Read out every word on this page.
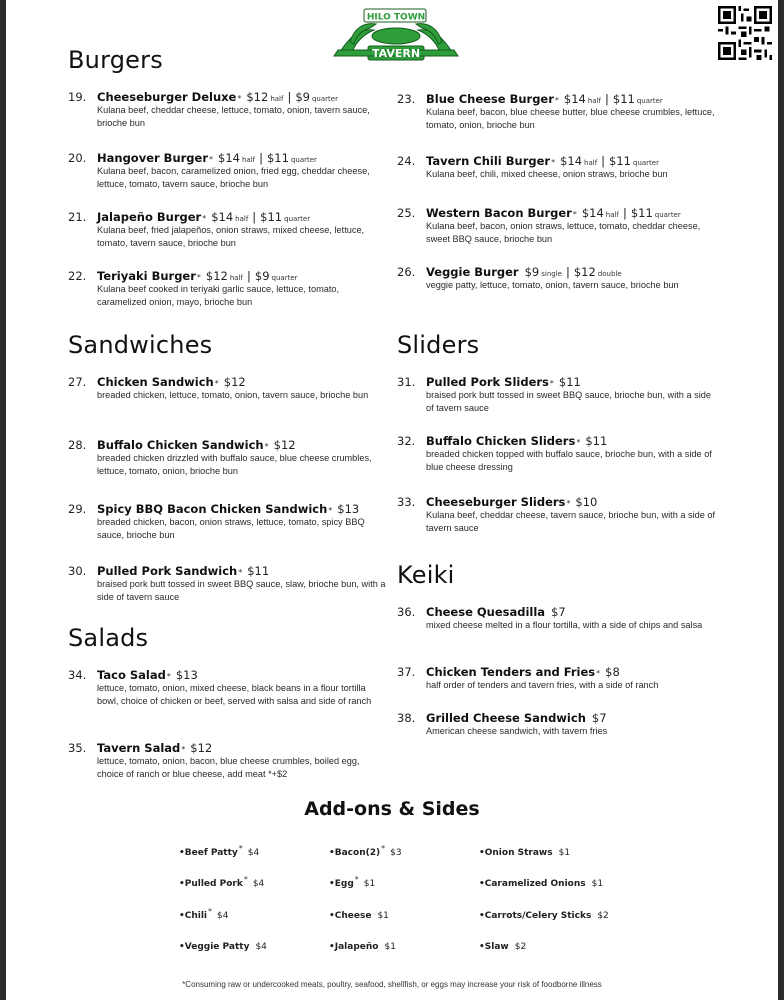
HILO TOWN
TAVERN
Burgers
Sandwiches
Salads
Sliders
Keiki
19. Cheeseburger Deluxe * $12 half | $9 quarter
Kulana beef, cheddar cheese, lettuce, tomato, onion, tavern sauce, brioche bun
20. Hangover Burger * $14 half | $11 quarter
Kulana beef, bacon, caramelized onion, fried egg, cheddar cheese, lettuce, tomato, tavern sauce, brioche bun
21. Jalapeño Burger * $14 half | $11 quarter
Kulana beef, fried jalapeños, onion straws, mixed cheese, lettuce, tomato, tavern sauce, brioche bun
22. Teriyaki Burger * $12 half | $9 quarter
Kulana beef cooked in teriyaki garlic sauce, lettuce, tomato, caramelized onion, mayo, brioche bun
23. Blue Cheese Burger * $14 half | $11 quarter
Kulana beef, bacon, blue cheese butter, blue cheese crumbles, lettuce, tomato, onion, brioche bun
24. Tavern Chili Burger * $14 half | $11 quarter
Kulana beef, chili, mixed cheese, onion straws, brioche bun
25. Western Bacon Burger * $14 half | $11 quarter
Kulana beef, bacon, onion straws, lettuce, tomato, cheddar cheese, sweet BBQ sauce, brioche bun
26. Veggie Burger $9 single | $12 double
veggie patty, lettuce, tomato, onion, tavern sauce, brioche bun
27. Chicken Sandwich * $12
breaded chicken, lettuce, tomato, onion, tavern sauce, brioche bun
28. Buffalo Chicken Sandwich * $12
breaded chicken drizzled with buffalo sauce, blue cheese crumbles, lettuce, tomato, onion, brioche bun
29. Spicy BBQ Bacon Chicken Sandwich * $13
breaded chicken, bacon, onion straws, lettuce, tomato, spicy BBQ sauce, brioche bun
30. Pulled Pork Sandwich * $11
braised pork butt tossed in sweet BBQ sauce, slaw, brioche bun, with a side of tavern sauce
34. Taco Salad * $13
lettuce, tomato, onion, mixed cheese, black beans in a flour tortilla bowl, choice of chicken or beef, served with salsa and side of ranch
35. Tavern Salad * $12
lettuce, tomato, onion, bacon, blue cheese crumbles, boiled egg, choice of ranch or blue cheese, add meat *+$2
31. Pulled Pork Sliders * $11
braised pork butt tossed in sweet BBQ sauce, brioche bun, with a side of tavern sauce
32. Buffalo Chicken Sliders * $11
breaded chicken topped with buffalo sauce, brioche bun, with a side of blue cheese dressing
33. Cheeseburger Sliders * $10
Kulana beef, cheddar cheese, tavern sauce, brioche bun, with a side of tavern sauce
36. Cheese Quesadilla $7
mixed cheese melted in a flour tortilla, with a side of chips and salsa
37. Chicken Tenders and Fries * $8
half order of tenders and tavern fries, with a side of ranch
38. Grilled Cheese Sandwich $7
American cheese sandwich, with tavern fries
Add-ons & Sides
•Beef Patty* $4
•Pulled Pork* $4
•Chili* $4
•Veggie Patty $4
•Bacon(2)* $3
•Egg* $1
•Cheese $1
•Jalapeño $1
•Onion Straws $1
•Caramelized Onions $1
•Carrots/Celery Sticks $2
•Slaw $2
*Consuming raw or undercooked meats, poultry, seafood, shellfish, or eggs may increase your risk of foodborne illness
